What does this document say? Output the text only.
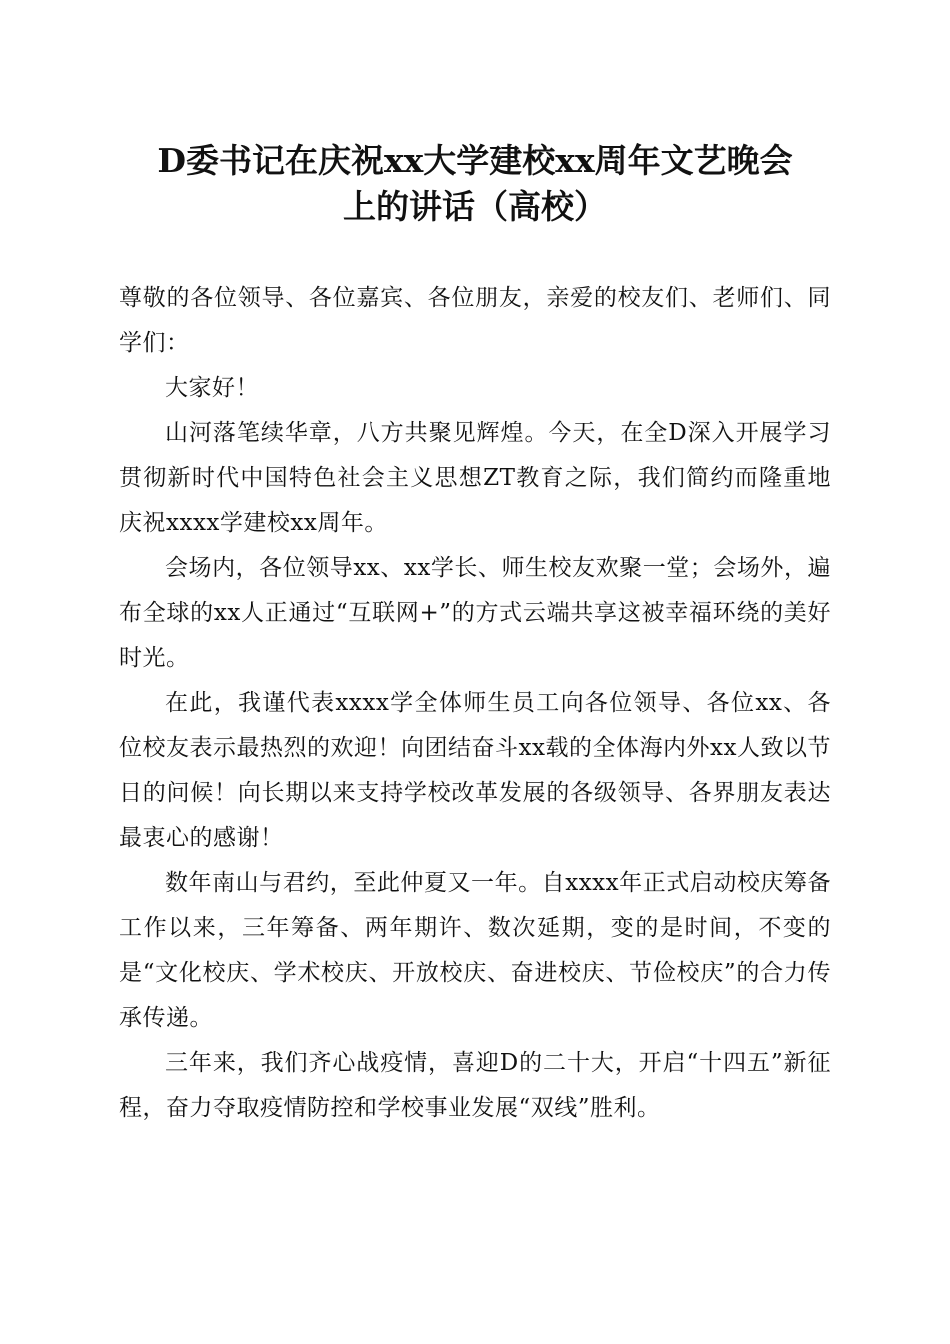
D委书记在庆祝xx大学建校xx周年文艺晚会
上的讲话（高校）

尊敬的各位领导、各位嘉宾、各位朋友，亲爱的校友们、老师们、同学们：

大家好！

山河落笔续华章，八方共聚见辉煌。今天，在全D深入开展学习贯彻新时代中国特色社会主义思想ZT教育之际，我们简约而隆重地庆祝xxxx学建校xx周年。

会场内，各位领导xx、xx学长、师生校友欢聚一堂；会场外，遍布全球的xx人正通过“互联网+”的方式云端共享这被幸福环绕的美好时光。

在此，我谨代表xxxx学全体师生员工向各位领导、各位xx、各位校友表示最热烈的欢迎！向团结奋斗xx载的全体海内外xx人致以节日的问候！向长期以来支持学校改革发展的各级领导、各界朋友表达最衷心的感谢！

数年南山与君约，至此仲夏又一年。自xxxx年正式启动校庆筹备工作以来，三年筹备、两年期许、数次延期，变的是时间，不变的是“文化校庆、学术校庆、开放校庆、奋进校庆、节俭校庆”的合力传承传递。

三年来，我们齐心战疫情，喜迎D的二十大，开启“十四五”新征程，奋力夺取疫情防控和学校事业发展“双线”胜利。
